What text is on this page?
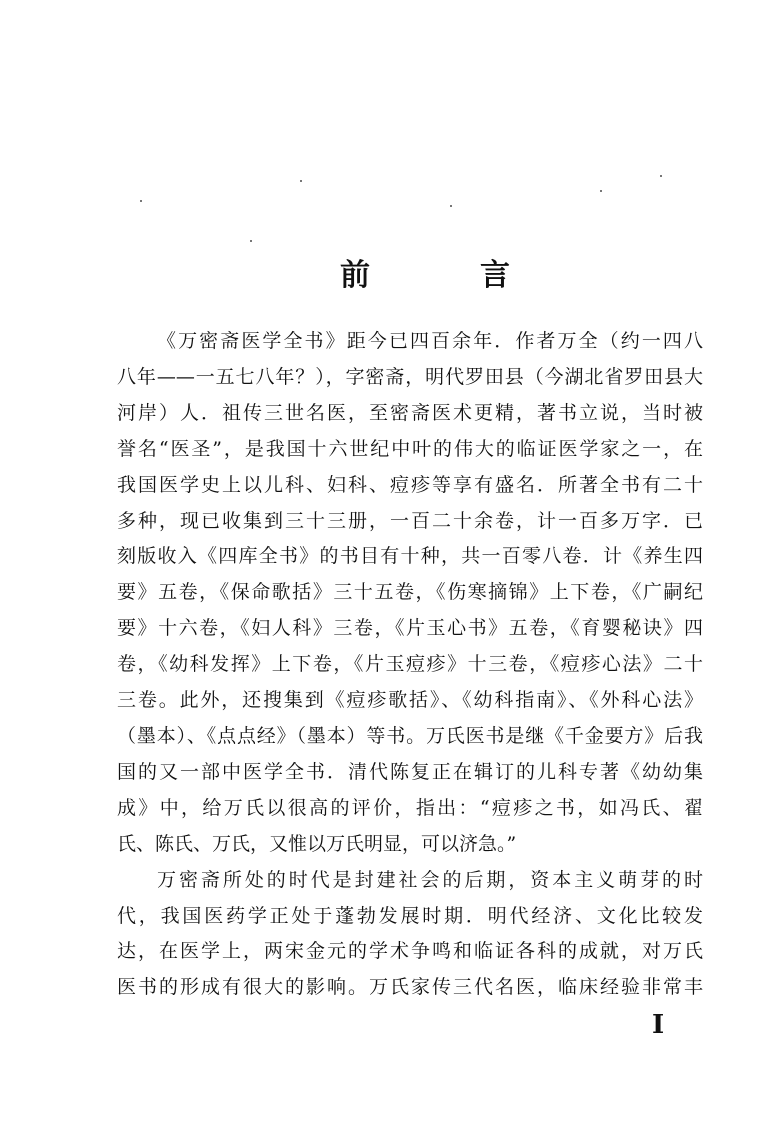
前	言
《万密斋医学全书》距今已四百余年．作者万全（约一四八
八年——一五七八年？），字密斋，明代罗田县（今湖北省罗田县大
河岸）人．祖传三世名医，至密斋医术更精，著书立说，当时被
誉名“医圣”，是我国十六世纪中叶的伟大的临证医学家之一，在
我国医学史上以儿科、妇科、痘疹等享有盛名．所著全书有二十
多种，现已收集到三十三册，一百二十余卷，计一百多万字．已
刻版收入《四库全书》的书目有十种，共一百零八卷．计《养生四
要》五卷，《保命歌括》三十五卷，《伤寒摘锦》上下卷，《广嗣纪
要》十六卷，《妇人科》三卷，《片玉心书》五卷，《育婴秘诀》四
卷，《幼科发挥》上下卷，《片玉痘疹》十三卷，《痘疹心法》二十
三卷。此外，还搜集到《痘疹歌括》、《幼科指南》、《外科心法》
（墨本）、《点点经》（墨本）等书。万氏医书是继《千金要方》后我
国的又一部中医学全书．清代陈复正在辑订的儿科专著《幼幼集
成》中，给万氏以很高的评价，指出：“痘疹之书，如冯氏、翟
氏、陈氏、万氏，又惟以万氏明显，可以济急。”
万密斋所处的时代是封建社会的后期，资本主义萌芽的时
代，我国医药学正处于蓬勃发展时期．明代经济、文化比较发
达，在医学上，两宋金元的学术争鸣和临证各科的成就，对万氏
医书的形成有很大的影响。万氏家传三代名医，临床经验非常丰
I
